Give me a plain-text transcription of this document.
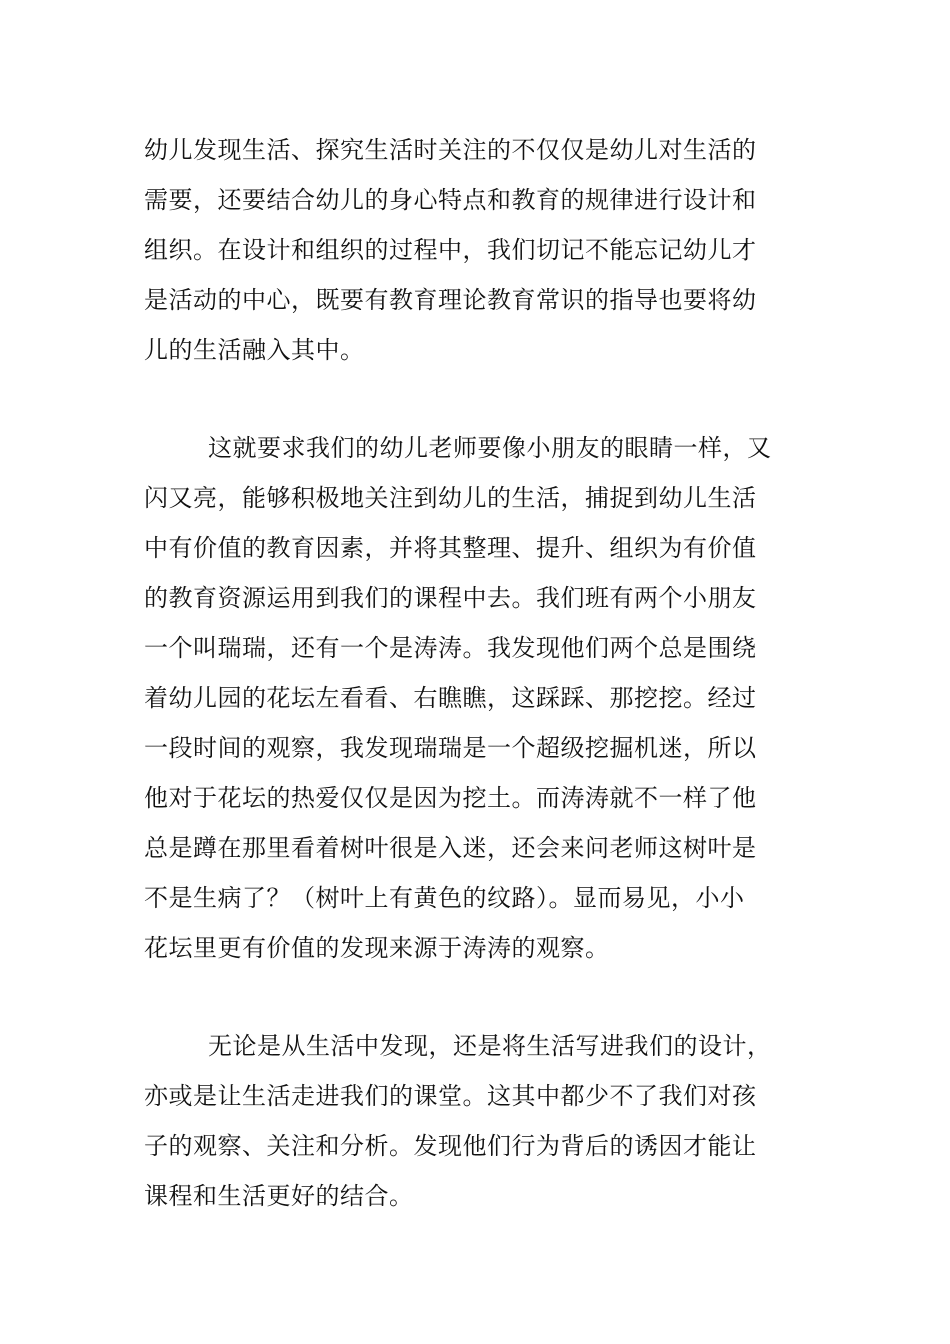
幼儿发现生活、探究生活时关注的不仅仅是幼儿对生活的
需要，还要结合幼儿的身心特点和教育的规律进行设计和
组织。在设计和组织的过程中，我们切记不能忘记幼儿才
是活动的中心，既要有教育理论教育常识的指导也要将幼
儿的生活融入其中。
这就要求我们的幼儿老师要像小朋友的眼睛一样，又
闪又亮，能够积极地关注到幼儿的生活，捕捉到幼儿生活
中有价值的教育因素，并将其整理、提升、组织为有价值
的教育资源运用到我们的课程中去。我们班有两个小朋友
一个叫瑞瑞，还有一个是涛涛。我发现他们两个总是围绕
着幼儿园的花坛左看看、右瞧瞧，这踩踩、那挖挖。经过
一段时间的观察，我发现瑞瑞是一个超级挖掘机迷，所以
他对于花坛的热爱仅仅是因为挖土。而涛涛就不一样了他
总是蹲在那里看着树叶很是入迷，还会来问老师这树叶是
不是生病了？（树叶上有黄色的纹路）。显而易见，小小
花坛里更有价值的发现来源于涛涛的观察。
无论是从生活中发现，还是将生活写进我们的设计，
亦或是让生活走进我们的课堂。这其中都少不了我们对孩
子的观察、关注和分析。发现他们行为背后的诱因才能让
课程和生活更好的结合。
